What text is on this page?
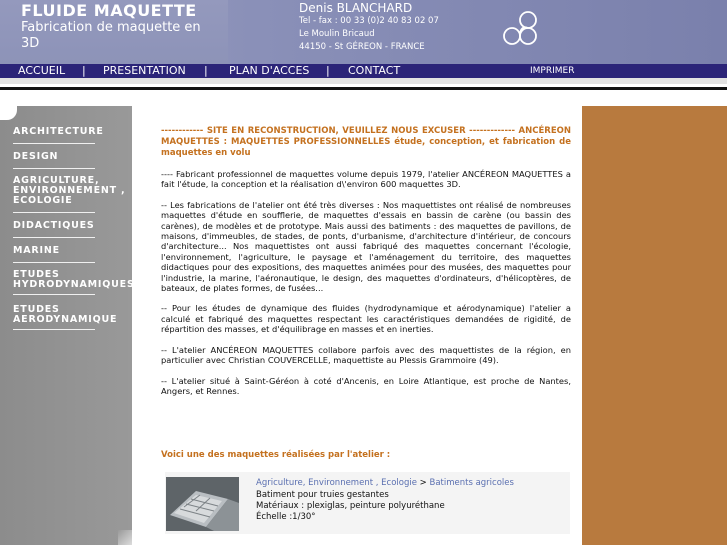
FLUIDE MAQUETTE
Fabrication de maquette en 3D
Denis BLANCHARD
Tel - fax : 00 33 (0)2 40 83 02 07
Le Moulin Bricaud
44150 - St GÉREON - FRANCE
ACCUEIL | PRESENTATION | PLAN D'ACCES | CONTACT	IMPRIMER
ARCHITECTURE
DESIGN
AGRICULTURE, ENVIRONNEMENT , ECOLOGIE
DIDACTIQUES
MARINE
ETUDES HYDRODYNAMIQUES
ETUDES AERODYNAMIQUE

------------ SITE EN RECONSTRUCTION, VEUILLEZ NOUS EXCUSER ------------- ANCÉREON MAQUETTES : MAQUETTES PROFESSIONNELLES étude, conception, et fabrication de maquettes en volu

---- Fabricant professionnel de maquettes volume depuis 1979, l'atelier ANCÉREON MAQUETTES a fait l'étude, la conception et la réalisation d\'environ 600 maquettes 3D.

-- Les fabrications de l'atelier ont été très diverses : Nos maquettistes ont réalisé de nombreuses maquettes d'étude en soufflerie, de maquettes d'essais en bassin de carène (ou bassin des carènes), de modèles et de prototype. Mais aussi des batiments : des maquettes de pavillons, de maisons, d'immeubles, de stades, de ponts, d'urbanisme, d'architecture d'intérieur, de concours d'architecture... Nos maquettistes ont aussi fabriqué des maquettes concernant l'écologie, l'environnement, l'agriculture, le paysage et l'aménagement du territoire, des maquettes didactiques pour des expositions, des maquettes animées pour des musées, des maquettes pour l'industrie, la marine, l'aéronautique, le design, des maquettes d'ordinateurs, d'hélicoptères, de bateaux, de plates formes, de fusées...

-- Pour les études de dynamique des fluides (hydrodynamique et aérodynamique) l'atelier a calculé et fabriqué des maquettes respectant les caractéristiques demandées de rigidité, de répartition des masses, et d'équilibrage en masses et en inerties.

-- L'atelier ANCÉREON MAQUETTES collabore parfois avec des maquettistes de la région, en particulier avec Christian COUVERCELLE, maquettiste au Plessis Grammoire (49).

-- L'atelier situé à Saint-Géréon à coté d'Ancenis, en Loire Atlantique, est proche de Nantes, Angers, et Rennes.

Voici une des maquettes réalisées par l'atelier :
Agriculture, Environnement , Ecologie > Batiments agricoles
Batiment pour truies gestantes
Matériaux : plexiglas, peinture polyuréthane
Échelle :1/30°
